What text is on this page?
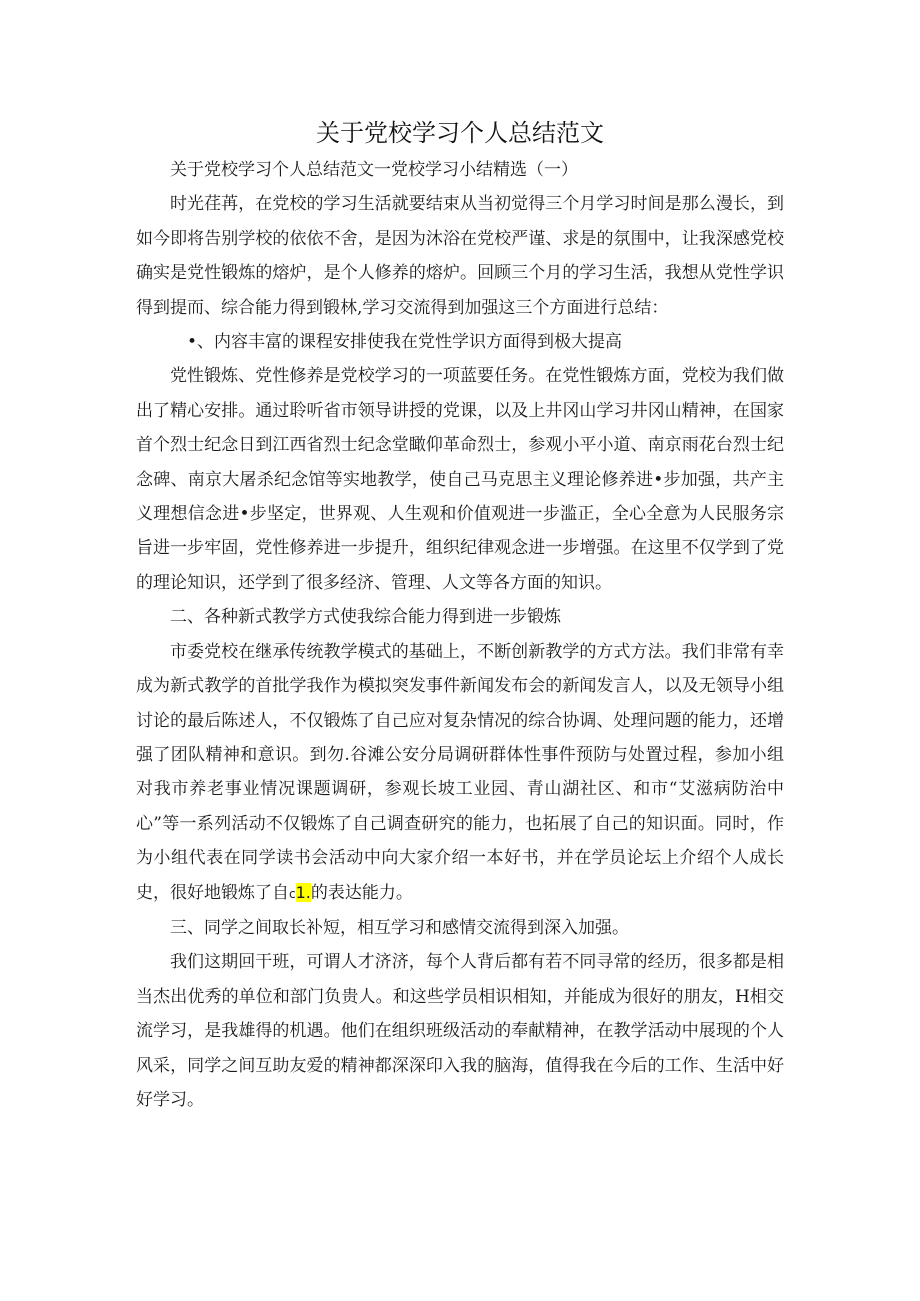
关于党校学习个人总结范文

关于党校学习个人总结范文一党校学习小结精选（一）

时光荏苒，在党校的学习生活就要结束从当初觉得三个月学习时间是那么漫长，到如今即将告别学校的依依不舍，是因为沐浴在党校严谨、求是的氛围中，让我深感党校确实是党性锻炼的熔炉，是个人修养的熔炉。回顾三个月的学习生活，我想从党性学识得到提而、综合能力得到锻林,学习交流得到加强这三个方面进行总结：

•、内容丰富的课程安排使我在党性学识方面得到极大提高

党性锻炼、党性修养是党校学习的一项蓝要任务。在党性锻炼方面，党校为我们做出了精心安排。通过聆听省市领导讲授的党课，以及上井冈山学习井冈山精神，在国家首个烈士纪念日到江西省烈士纪念堂瞰仰革命烈士，参观小平小道、南京雨花台烈士纪念碑、南京大屠杀纪念馆等实地教学，使自己马克思主义理论修养进•步加强，共产主义理想信念进•步坚定，世界观、人生观和价值观进一步滥正，全心全意为人民服务宗旨进一步牢固，党性修养进一步提升，组织纪律观念进一步增强。在这里不仅学到了党的理论知识，还学到了很多经济、管理、人文等各方面的知识。

二、各种新式教学方式使我综合能力得到进一步锻炼

市委党校在继承传统教学模式的基础上，不断创新教学的方式方法。我们非常有幸成为新式教学的首批学我作为模拟突发事件新闻发布会的新闻发言人，以及无领导小组讨论的最后陈述人，不仅锻炼了自己应对复杂情况的综合协调、处理问题的能力，还增强了团队精神和意识。到勿.谷滩公安分局调研群体性事件预防与处置过程，参加小组对我市养老事业情况课题调研，参观长坡工业园、青山湖社区、和市“艾滋病防治中心”等一系列活动不仅锻炼了自己调查研究的能力，也拓展了自己的知识面。同时，作为小组代表在同学读书会活动中向大家介绍一本好书，并在学员论坛上介绍个人成长史，很好地锻炼了自c1.的表达能力。

三、同学之间取长补短，相互学习和感情交流得到深入加强。

我们这期回干班，可谓人才济济，每个人背后都有若不同寻常的经历，很多都是相当杰出优秀的单位和部门负贵人。和这些学员相识相知，并能成为很好的朋友，H相交流学习，是我雄得的机遇。他们在组织班级活动的奉献精神，在教学活动中展现的个人风采，同学之间互助友爱的精神都深深印入我的脑海，值得我在今后的工作、生活中好好学习。
